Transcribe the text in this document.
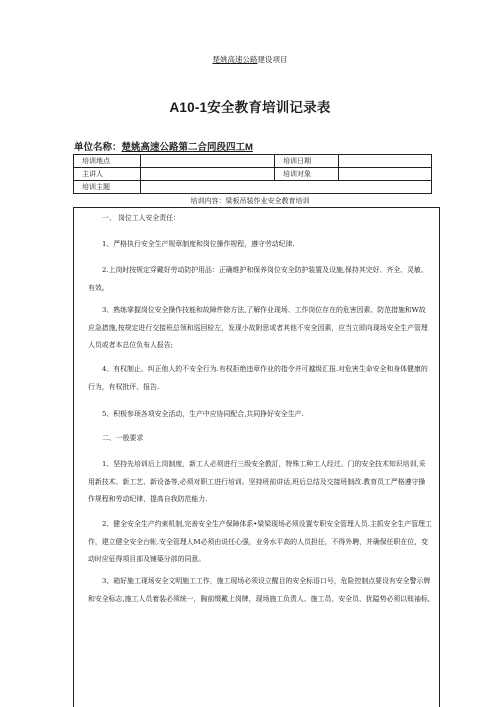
楚姚高速公路建设项目
A10-1安全教育培训记录表
单位名称：楚姚高速公路第二合同段四工M
培训地点		培训日期	
主讲人		培训对象	
培训主题			
培训内容：梁板吊装作业安全教育培训

一、 岗位工人安全责任：

1、严格执行安全生产规章制度和岗位操作规程，遵守劳动纪律.

2.上岗时按规定穿戴好劳动防护用品：正确维护和保养岗位安全防护装置及设施,保持其完好、齐全、灵敏、有效。

3、熟练掌握岗位安全操作技能和故障件除方法,了解作业现场、工作岗位存在的危害因素、防范措施和W故应急措施,按规定进行交接班总领和巡回检左，发现小故附思或者其他不安全因素，应当立即向现场安全生产管理人员或者本总位负布人报告;

4、有权制止、纠正他人的不安全行为.有权拒绝违章作业的指令并可越级汇报.对危害生命安全和身体健康的行为，有权批评、报告.

5、积极参顼各项安全活动，生产中应协同配合,共同挣好安全生产.

二、一般要求

1、坚持先培训后上岗制度，新工人必须进行三级安全教訂，特殊工种工人经过、门的安全技术知识培训,采用新技术、新工艺、新设备等,必须对职工进行培训。坚持班前讲话,班后总结及交接班制改.教育员工严格遵守操作规程和劳动纪律，提高自我防范能力.

2、健全安全生产约束机制,完善安全生产保障体系•梁梁现场必须设置专职安全管理人员.主抓安全生产管理工作，建立健全安全台帐.安全管理人M必须由说任心强，业务水平高的人员担任，不得外聘，并确保任职在位，变动时应征得项目部及铺築分部的同意。

3、箱好施工现场安全文明施工工作，施工现场必须设立醒目的安全标语口号，危险控制点要设有安全警示牌和安全标志,施工人员着装必须统一，胸前缀戴上岗牌，现场施工负责人、施工员、安全员、犹隘势必须以账袖标,
